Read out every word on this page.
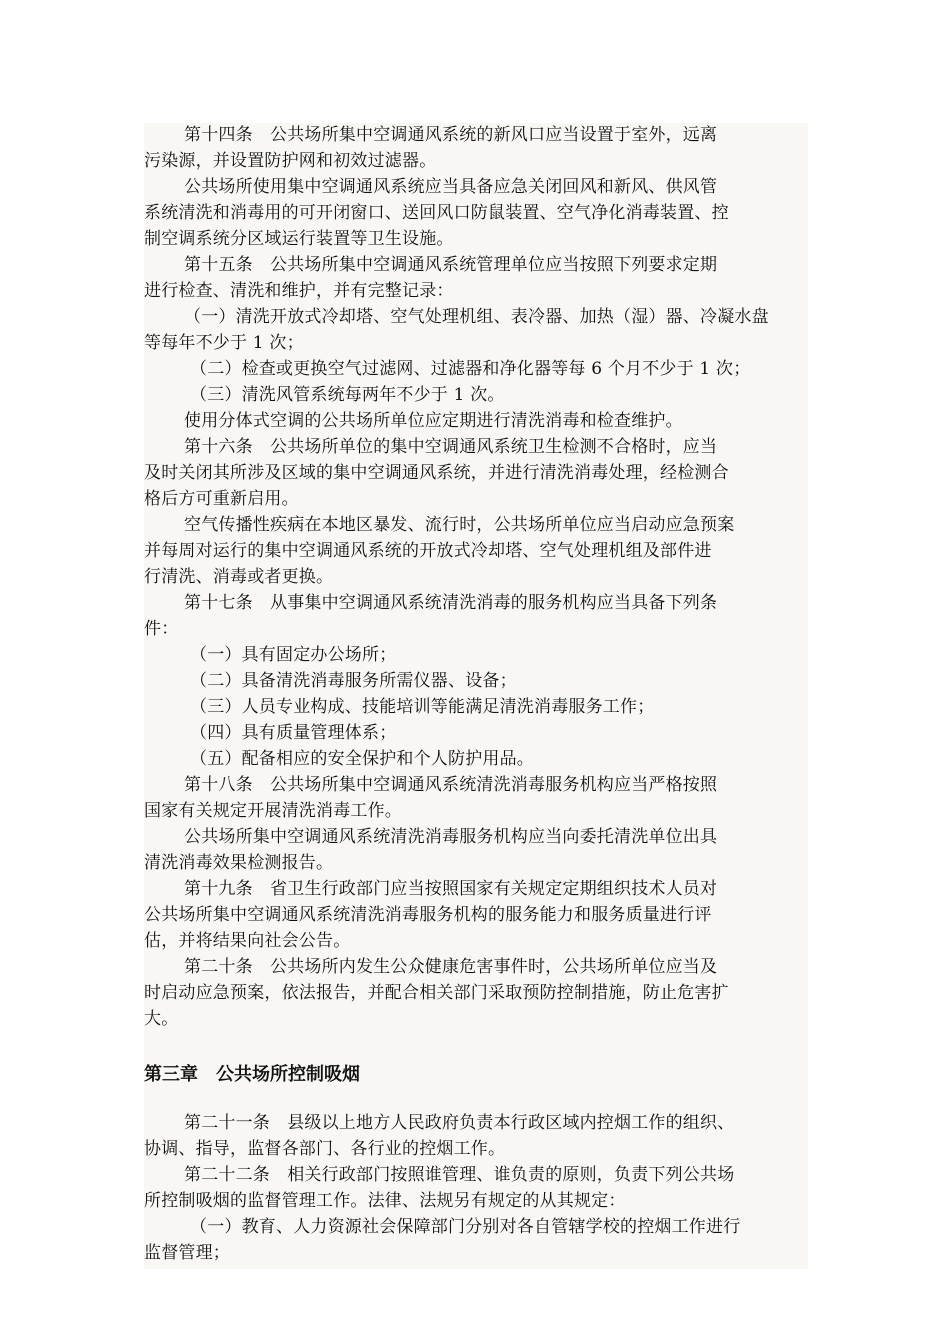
第十四条　公共场所集中空调通风系统的新风口应当设置于室外，远离
污染源，并设置防护网和初效过滤器。
公共场所使用集中空调通风系统应当具备应急关闭回风和新风、供风管
系统清洗和消毒用的可开闭窗口、送回风口防鼠装置、空气净化消毒装置、控
制空调系统分区域运行装置等卫生设施。
第十五条　公共场所集中空调通风系统管理单位应当按照下列要求定期
进行检查、清洗和维护，并有完整记录：
（一）清洗开放式冷却塔、空气处理机组、表冷器、加热（湿）器、冷凝水盘
等每年不少于 1 次；
（二）检查或更换空气过滤网、过滤器和净化器等每 6 个月不少于 1 次；
（三）清洗风管系统每两年不少于 1 次。
使用分体式空调的公共场所单位应定期进行清洗消毒和检查维护。
第十六条　公共场所单位的集中空调通风系统卫生检测不合格时，应当
及时关闭其所涉及区域的集中空调通风系统，并进行清洗消毒处理，经检测合
格后方可重新启用。
空气传播性疾病在本地区暴发、流行时，公共场所单位应当启动应急预案
并每周对运行的集中空调通风系统的开放式冷却塔、空气处理机组及部件进
行清洗、消毒或者更换。
第十七条　从事集中空调通风系统清洗消毒的服务机构应当具备下列条
件：
（一）具有固定办公场所；
（二）具备清洗消毒服务所需仪器、设备；
（三）人员专业构成、技能培训等能满足清洗消毒服务工作；
（四）具有质量管理体系；
（五）配备相应的安全保护和个人防护用品。
第十八条　公共场所集中空调通风系统清洗消毒服务机构应当严格按照
国家有关规定开展清洗消毒工作。
公共场所集中空调通风系统清洗消毒服务机构应当向委托清洗单位出具
清洗消毒效果检测报告。
第十九条　省卫生行政部门应当按照国家有关规定定期组织技术人员对
公共场所集中空调通风系统清洗消毒服务机构的服务能力和服务质量进行评
估，并将结果向社会公告。
第二十条　公共场所内发生公众健康危害事件时，公共场所单位应当及
时启动应急预案，依法报告，并配合相关部门采取预防控制措施，防止危害扩
大。
第三章　公共场所控制吸烟
第二十一条　县级以上地方人民政府负责本行政区域内控烟工作的组织、
协调、指导，监督各部门、各行业的控烟工作。
第二十二条　相关行政部门按照谁管理、谁负责的原则，负责下列公共场
所控制吸烟的监督管理工作。法律、法规另有规定的从其规定：
（一）教育、人力资源社会保障部门分别对各自管辖学校的控烟工作进行
监督管理；
